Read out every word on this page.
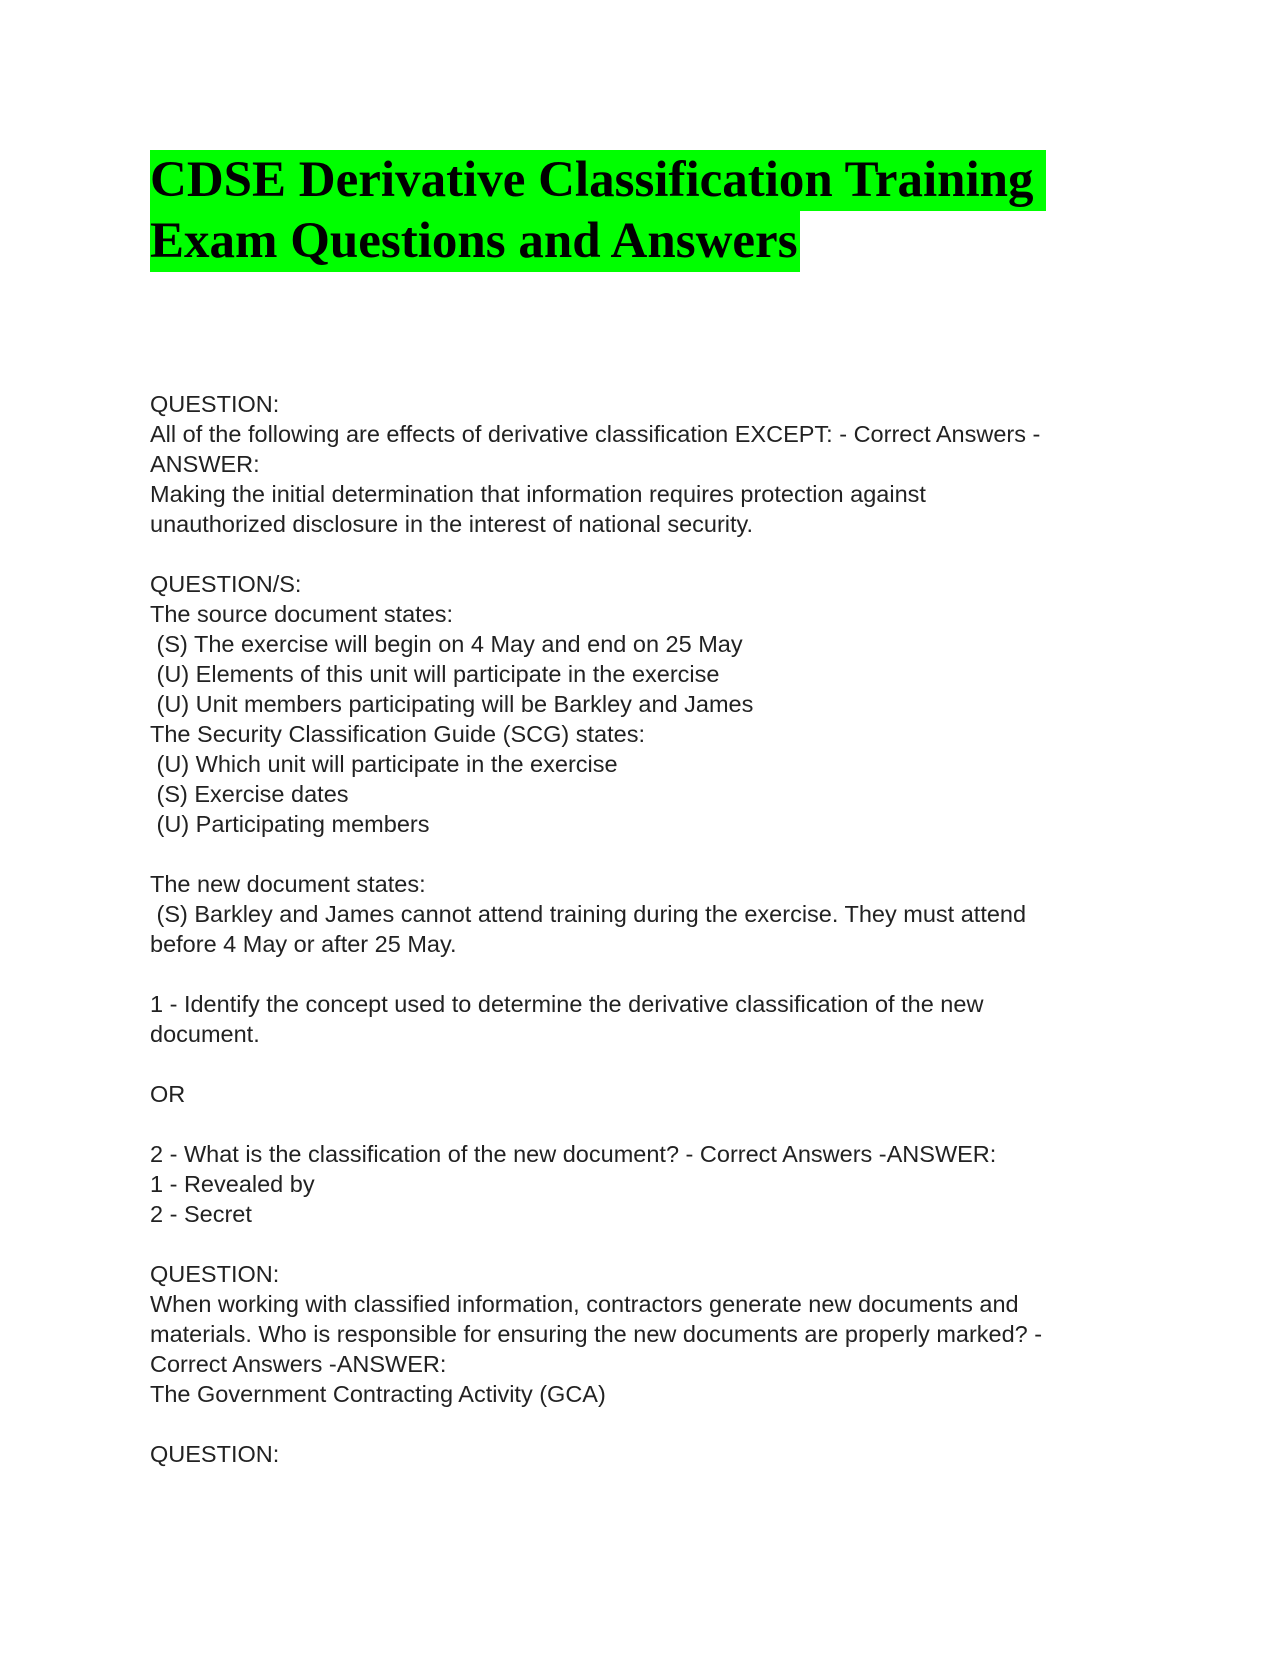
CDSE Derivative Classification Training
Exam Questions and Answers
QUESTION:
All of the following are effects of derivative classification EXCEPT: - Correct Answers -
ANSWER:
Making the initial determination that information requires protection against
unauthorized disclosure in the interest of national security.
QUESTION/S:
The source document states:
(S) The exercise will begin on 4 May and end on 25 May
(U) Elements of this unit will participate in the exercise
(U) Unit members participating will be Barkley and James
The Security Classification Guide (SCG) states:
(U) Which unit will participate in the exercise
(S) Exercise dates
(U) Participating members
The new document states:
(S) Barkley and James cannot attend training during the exercise. They must attend
before 4 May or after 25 May.
1 - Identify the concept used to determine the derivative classification of the new
document.
OR
2 - What is the classification of the new document? - Correct Answers -ANSWER:
1 - Revealed by
2 - Secret
QUESTION:
When working with classified information, contractors generate new documents and
materials. Who is responsible for ensuring the new documents are properly marked? -
Correct Answers -ANSWER:
The Government Contracting Activity (GCA)
QUESTION:
